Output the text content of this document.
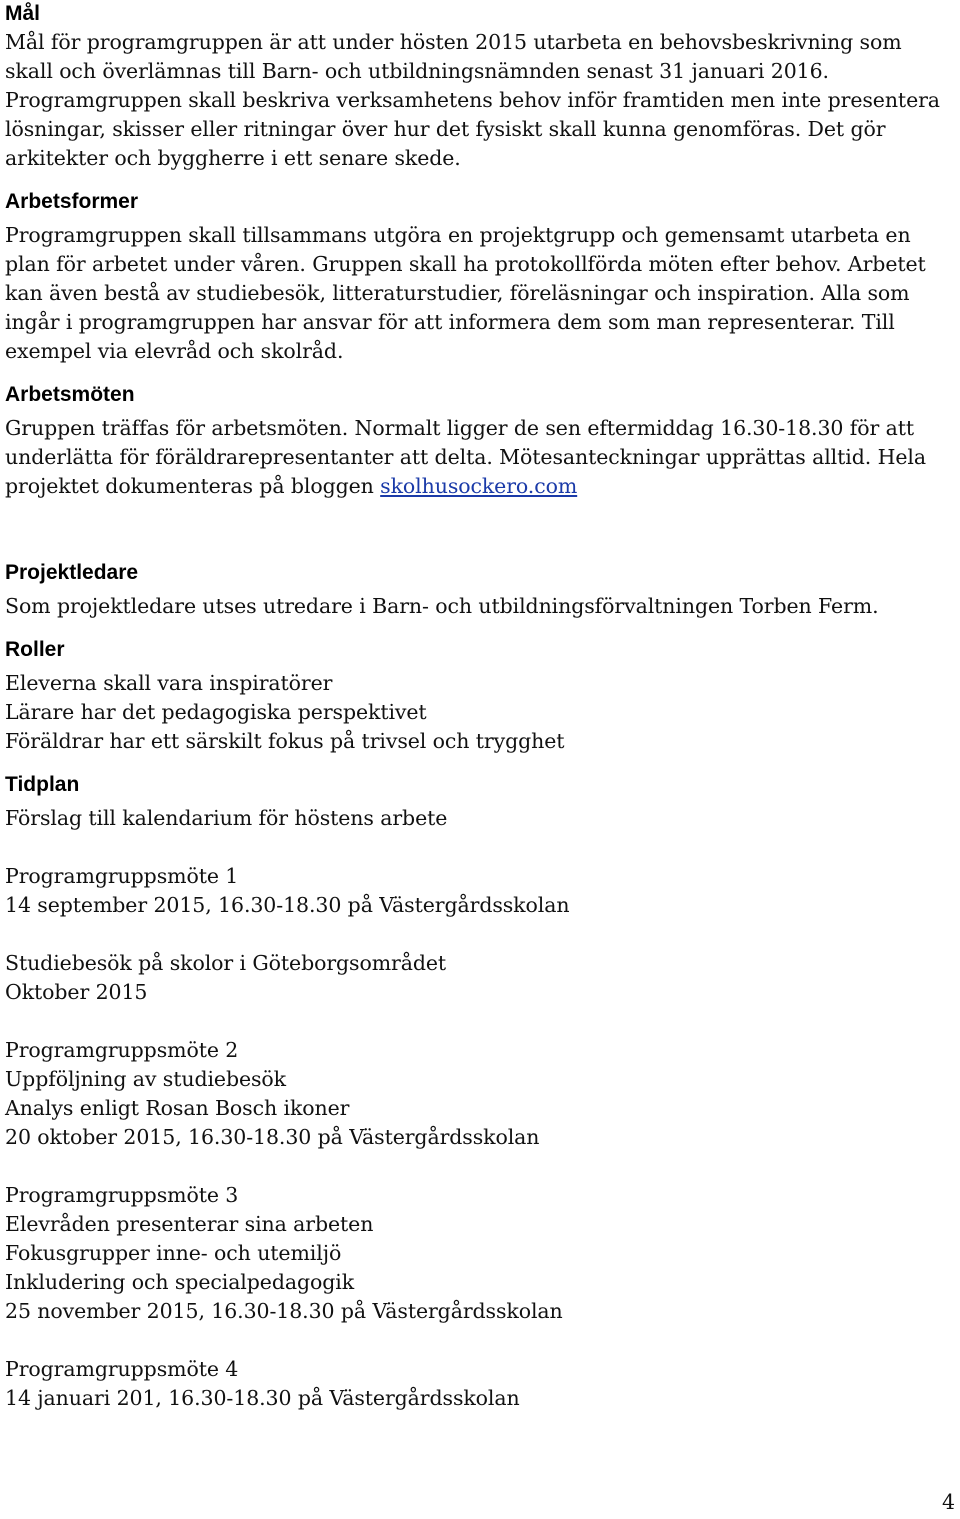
Mål

Mål för programgruppen är att under hösten 2015 utarbeta en behovsbeskrivning som skall och överlämnas till Barn- och utbildningsnämnden senast 31 januari 2016. Programgruppen skall beskriva verksamhetens behov inför framtiden men inte presentera lösningar, skisser eller ritningar över hur det fysiskt skall kunna genomföras. Det gör arkitekter och byggherre i ett senare skede.

Arbetsformer

Programgruppen skall tillsammans utgöra en projektgrupp och gemensamt utarbeta en plan för arbetet under våren. Gruppen skall ha protokollförda möten efter behov. Arbetet kan även bestå av studiebesök, litteraturstudier, föreläsningar och inspiration. Alla som ingår i programgruppen har ansvar för att informera dem som man representerar. Till exempel via elevråd och skolråd.

Arbetsmöten

Gruppen träffas för arbetsmöten. Normalt ligger de sen eftermiddag 16.30-18.30 för att underlätta för föräldrarepresentanter att delta. Mötesanteckningar upprättas alltid. Hela projektet dokumenteras på bloggen skolhusockero.com

Projektledare

Som projektledare utses utredare i Barn- och utbildningsförvaltningen Torben Ferm.

Roller
Eleverna skall vara inspiratörer
Lärare har det pedagogiska perspektivet
Föräldrar har ett särskilt fokus på trivsel och trygghet
Tidplan
Förslag till kalendarium för höstens arbete
Programgruppsmöte 1
14 september 2015, 16.30-18.30 på Västergårdsskolan
Studiebesök på skolor i Göteborgsområdet
Oktober 2015
Programgruppsmöte 2
Uppföljning av studiebesök
Analys enligt Rosan Bosch ikoner
20 oktober 2015, 16.30-18.30 på Västergårdsskolan
Programgruppsmöte 3
Elevråden presenterar sina arbeten
Fokusgrupper inne- och utemiljö
Inkludering och specialpedagogik
25 november 2015, 16.30-18.30 på Västergårdsskolan
Programgruppsmöte 4
14 januari 201, 16.30-18.30 på Västergårdsskolan
4
